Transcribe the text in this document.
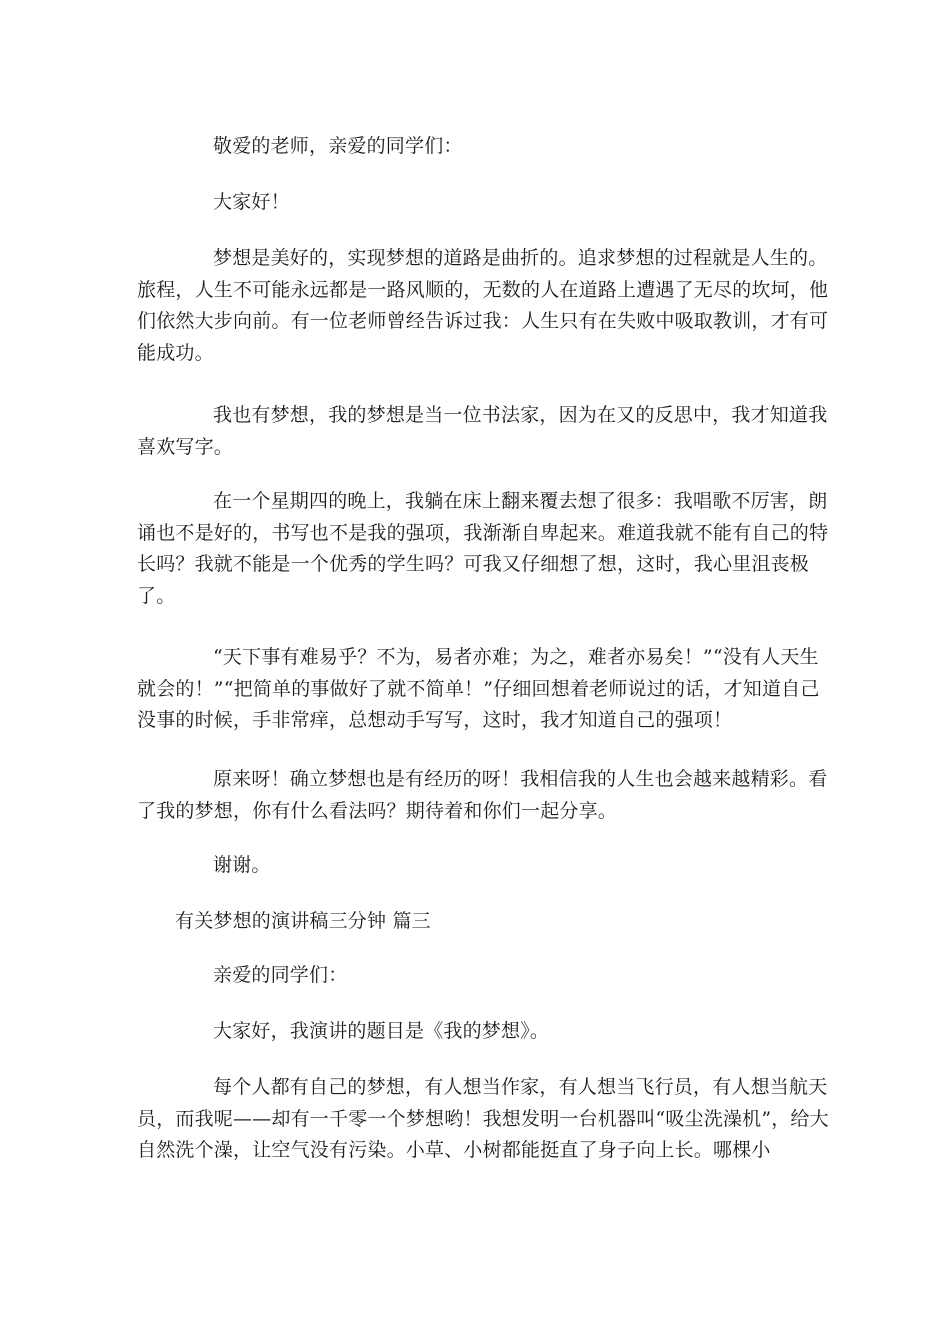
敬爱的老师，亲爱的同学们：

大家好！

梦想是美好的，实现梦想的道路是曲折的。追求梦想的过程就是人生的。旅程，人生不可能永远都是一路风顺的，无数的人在道路上遭遇了无尽的坎坷，他们依然大步向前。有一位老师曾经告诉过我：人生只有在失败中吸取教训，才有可能成功。

我也有梦想，我的梦想是当一位书法家，因为在又的反思中，我才知道我喜欢写字。

在一个星期四的晚上，我躺在床上翻来覆去想了很多：我唱歌不厉害，朗诵也不是好的，书写也不是我的强项，我渐渐自卑起来。难道我就不能有自己的特长吗？我就不能是一个优秀的学生吗？可我又仔细想了想，这时，我心里沮丧极了。

“天下事有难易乎？不为，易者亦难；为之，难者亦易矣！”“没有人天生就会的！”“把简单的事做好了就不简单！”仔细回想着老师说过的话，才知道自己没事的时候，手非常痒，总想动手写写，这时，我才知道自己的强项！

原来呀！确立梦想也是有经历的呀！我相信我的人生也会越来越精彩。看了我的梦想，你有什么看法吗？期待着和你们一起分享。

谢谢。

有关梦想的演讲稿三分钟 篇三

亲爱的同学们：

大家好，我演讲的题目是《我的梦想》。

每个人都有自己的梦想，有人想当作家，有人想当飞行员，有人想当航天员，而我呢——却有一千零一个梦想哟！我想发明一台机器叫“吸尘洗澡机”，给大自然洗个澡，让空气没有污染。小草、小树都能挺直了身子向上长。哪棵小
